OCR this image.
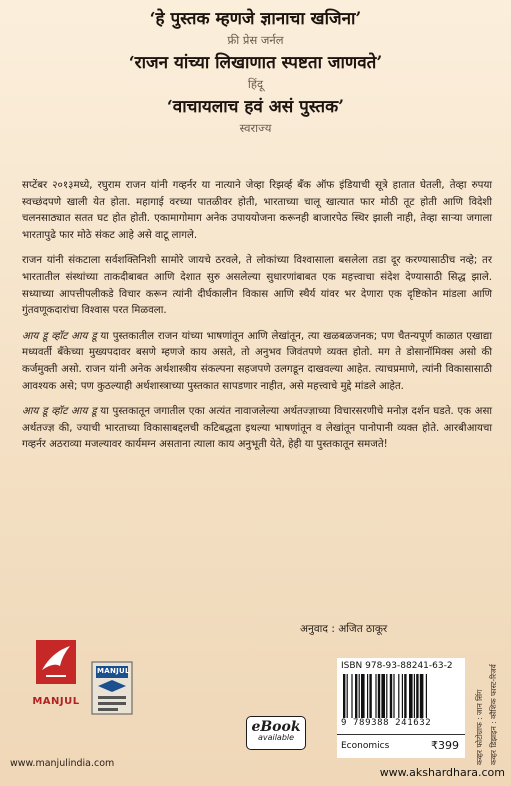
‘हे पुस्तक म्हणजे ज्ञानाचा खजिना’
फ्री प्रेस जर्नल
‘राजन यांच्या लिखाणात स्पष्टता जाणवते’
हिंदू
‘वाचायलाच हवं असं पुस्तक’
स्वराज्य

सप्टेंबर २०१३मध्ये, रघुराम राजन यांनी गव्हर्नर या नात्याने जेव्हा रिझर्व्ह बँक ऑफ इंडियाची सूत्रे हातात घेतली, तेव्हा रुपया स्वच्छंदपणे खाली येत होता. महागाई वरच्या पातळीवर होती, भारताच्या चालू खात्यात फार मोठी तूट होती आणि विदेशी चलनसाठ्यात सतत घट होत होती. एकामागोमाग अनेक उपाययोजना करूनही बाजारपेठ स्थिर झाली नाही, तेव्हा साऱ्या जगाला भारतापुढे फार मोठे संकट आहे असे वाटू लागले.

राजन यांनी संकटाला सर्वशक्तिनिशी सामोरे जायचे ठरवले, ते लोकांच्या विश्वासाला बसलेला तडा दूर करण्यासाठीच नव्हे; तर भारतातील संस्थांच्या ताकदीबाबत आणि देशात सुरु असलेल्या सुधारणांबाबत एक महत्त्वाचा संदेश देण्यासाठी सिद्ध झाले. सध्याच्या आपत्तीपलीकडे विचार करून त्यांनी दीर्घकालीन विकास आणि स्थैर्य यांवर भर देणारा एक दृष्टिकोन मांडला आणि गुंतवणूकदारांचा विश्वास परत मिळवला.

आय डू व्हॉट आय डू या पुस्तकातील राजन यांच्या भाषणांतून आणि लेखांतून, त्या खळबळजनक; पण चैतन्यपूर्ण काळात एखाद्या मध्यवर्ती बँकेच्या मुख्यपदावर बसणे म्हणजे काय असते, तो अनुभव जिवंतपणे व्यक्त होतो. मग ते डोसानॉमिक्स असो की कर्जमुक्ती असो. राजन यांनी अनेक अर्थशास्त्रीय संकल्पना सहजपणे उलगडून दाखवल्या आहेत. त्याचप्रमाणे, त्यांनी विकासासाठी आवश्यक असे; पण कुठल्याही अर्थशास्त्राच्या पुस्तकात सापडणार नाहीत, असे महत्त्वाचे मुद्दे मांडले आहेत.

आय डू व्हॉट आय डू या पुस्तकातून जगातील एका अत्यंत नावाजलेल्या अर्थतज्ज्ञाच्या विचारसरणीचे मनोज्ञ दर्शन घडते. एक असा अर्थतज्ज्ञ की, ज्याची भारताच्या विकासाबद्दलची कटिबद्धता इथल्या भाषणांतून व लेखांतून पानोपानी व्यक्त होते. आरबीआयचा गव्हर्नर अठराव्या मजल्यावर कार्यमग्न असताना त्याला काय अनुभूती येते, हेही या पुस्तकातून समजते!

अनुवाद : अजित ठाकूर
MANJUL
MANJUL
www.manjulindia.com
eBook
available
ISBN 978-93-88241-63-2
9 789388 241632
Economics	₹399 कव्हर फोटोग्राफ : जान सिंग कव्हर डिझाइन : कौशिक फास्ट-रिजर्व
www.akshardhara.com
